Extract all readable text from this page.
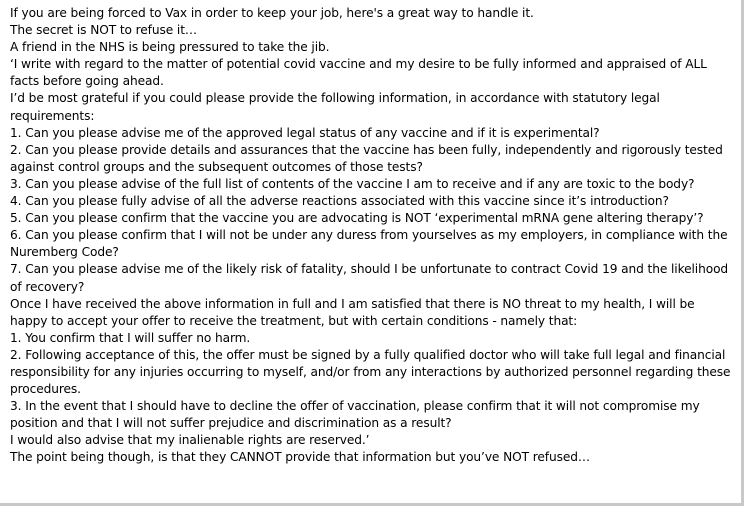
If you are being forced to Vax in order to keep your job, here's a great way to handle it.

The secret is NOT to refuse it…

A friend in the NHS is being pressured to take the jib.

‘I write with regard to the matter of potential covid vaccine and my desire to be fully informed and appraised of ALL facts before going ahead.

I’d be most grateful if you could please provide the following information, in accordance with statutory legal requirements:

1. Can you please advise me of the approved legal status of any vaccine and if it is experimental?

2. Can you please provide details and assurances that the vaccine has been fully, independently and rigorously tested against control groups and the subsequent outcomes of those tests?

3. Can you please advise of the full list of contents of the vaccine I am to receive and if any are toxic to the body?

4. Can you please fully advise of all the adverse reactions associated with this vaccine since it’s introduction?

5. Can you please confirm that the vaccine you are advocating is NOT ‘experimental mRNA gene altering therapy’?

6. Can you please confirm that I will not be under any duress from yourselves as my employers, in compliance with the Nuremberg Code?

7. Can you please advise me of the likely risk of fatality, should I be unfortunate to contract Covid 19 and the likelihood of recovery?

Once I have received the above information in full and I am satisfied that there is NO threat to my health, I will be happy to accept your offer to receive the treatment, but with certain conditions - namely that:

1. You confirm that I will suffer no harm.

2. Following acceptance of this, the offer must be signed by a fully qualified doctor who will take full legal and financial responsibility for any injuries occurring to myself, and/or from any interactions by authorized personnel regarding these procedures.

3. In the event that I should have to decline the offer of vaccination, please confirm that it will not compromise my position and that I will not suffer prejudice and discrimination as a result?

I would also advise that my inalienable rights are reserved.’

The point being though, is that they CANNOT provide that information but you’ve NOT refused…
